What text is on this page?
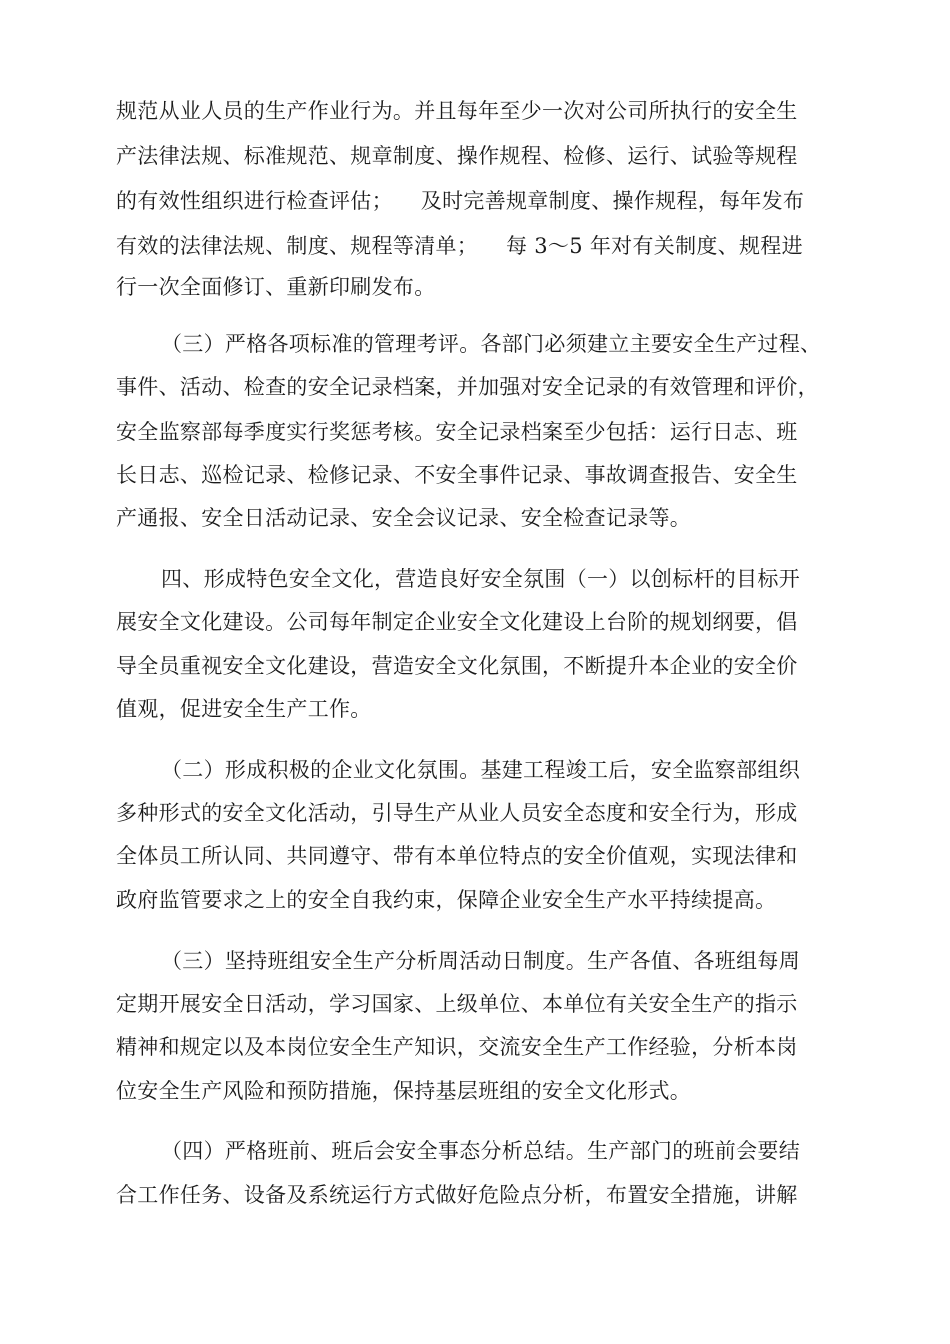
规范从业人员的生产作业行为。并且每年至少一次对公司所执行的安全生
产法律法规、标准规范、规章制度、操作规程、检修、运行、试验等规程
的有效性组织进行检查评估；    及时完善规章制度、操作规程，每年发布
有效的法律法规、制度、规程等清单；    每 3～5 年对有关制度、规程进
行一次全面修订、重新印刷发布。
（三）严格各项标准的管理考评。各部门必须建立主要安全生产过程、
事件、活动、检查的安全记录档案，并加强对安全记录的有效管理和评价，
安全监察部每季度实行奖惩考核。安全记录档案至少包括：运行日志、班
长日志、巡检记录、检修记录、不安全事件记录、事故调查报告、安全生
产通报、安全日活动记录、安全会议记录、安全检查记录等。
四、形成特色安全文化，营造良好安全氛围（一）以创标杆的目标开
展安全文化建设。公司每年制定企业安全文化建设上台阶的规划纲要，倡
导全员重视安全文化建设，营造安全文化氛围，不断提升本企业的安全价
值观，促进安全生产工作。
（二）形成积极的企业文化氛围。基建工程竣工后，安全监察部组织
多种形式的安全文化活动，引导生产从业人员安全态度和安全行为，形成
全体员工所认同、共同遵守、带有本单位特点的安全价值观，实现法律和
政府监管要求之上的安全自我约束，保障企业安全生产水平持续提高。
（三）坚持班组安全生产分析周活动日制度。生产各值、各班组每周
定期开展安全日活动，学习国家、上级单位、本单位有关安全生产的指示
精神和规定以及本岗位安全生产知识，交流安全生产工作经验，分析本岗
位安全生产风险和预防措施，保持基层班组的安全文化形式。
（四）严格班前、班后会安全事态分析总结。生产部门的班前会要结
合工作任务、设备及系统运行方式做好危险点分析，布置安全措施，讲解
